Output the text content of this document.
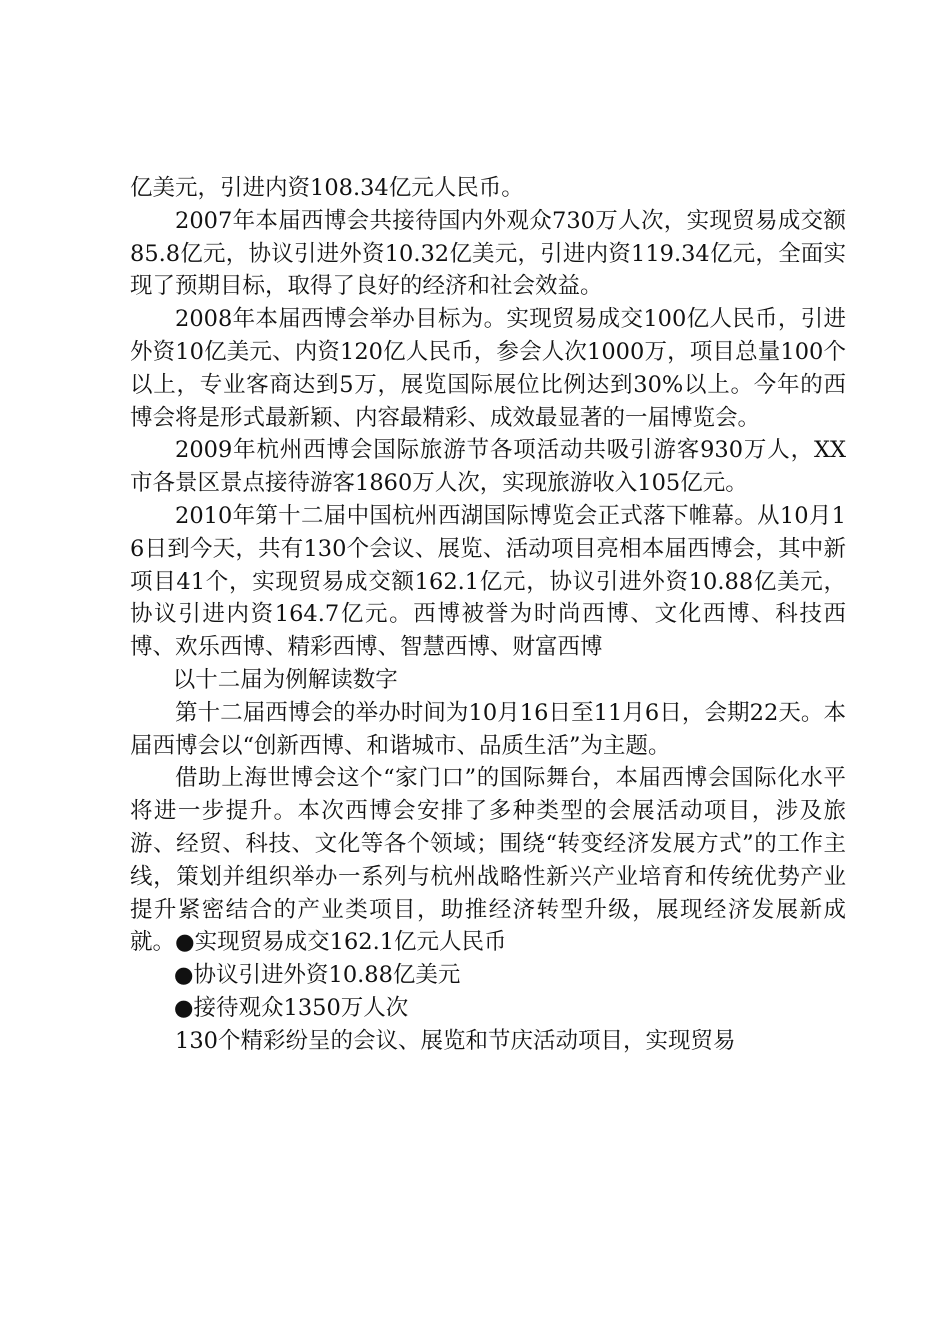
亿美元，引进内资108.34亿元人民币。

2007年本届西博会共接待国内外观众730万人次，实现贸易成交额85.8亿元，协议引进外资10.32亿美元，引进内资119.34亿元，全面实现了预期目标，取得了良好的经济和社会效益。

2008年本届西博会举办目标为。实现贸易成交100亿人民币，引进外资10亿美元、内资120亿人民币，参会人次1000万，项目总量100个以上，专业客商达到5万，展览国际展位比例达到30%以上。今年的西博会将是形式最新颖、内容最精彩、成效最显著的一届博览会。

2009年杭州西博会国际旅游节各项活动共吸引游客930万人，XX市各景区景点接待游客1860万人次，实现旅游收入105亿元。

2010年第十二届中国杭州西湖国际博览会正式落下帷幕。从10月16日到今天，共有130个会议、展览、活动项目亮相本届西博会，其中新项目41个，实现贸易成交额162.1亿元，协议引进外资10.88亿美元，协议引进内资164.7亿元。西博被誉为时尚西博、文化西博、科技西博、欢乐西博、精彩西博、智慧西博、财富西博

以十二届为例解读数字

第十二届西博会的举办时间为10月16日至11月6日，会期22天。本届西博会以“创新西博、和谐城市、品质生活”为主题。

借助上海世博会这个“家门口”的国际舞台，本届西博会国际化水平将进一步提升。本次西博会安排了多种类型的会展活动项目，涉及旅游、经贸、科技、文化等各个领域；围绕“转变经济发展方式”的工作主线，策划并组织举办一系列与杭州战略性新兴产业培育和传统优势产业提升紧密结合的产业类项目，助推经济转型升级，展现经济发展新成就。●实现贸易成交162.1亿元人民币

●协议引进外资10.88亿美元

●接待观众1350万人次

130个精彩纷呈的会议、展览和节庆活动项目，实现贸易
